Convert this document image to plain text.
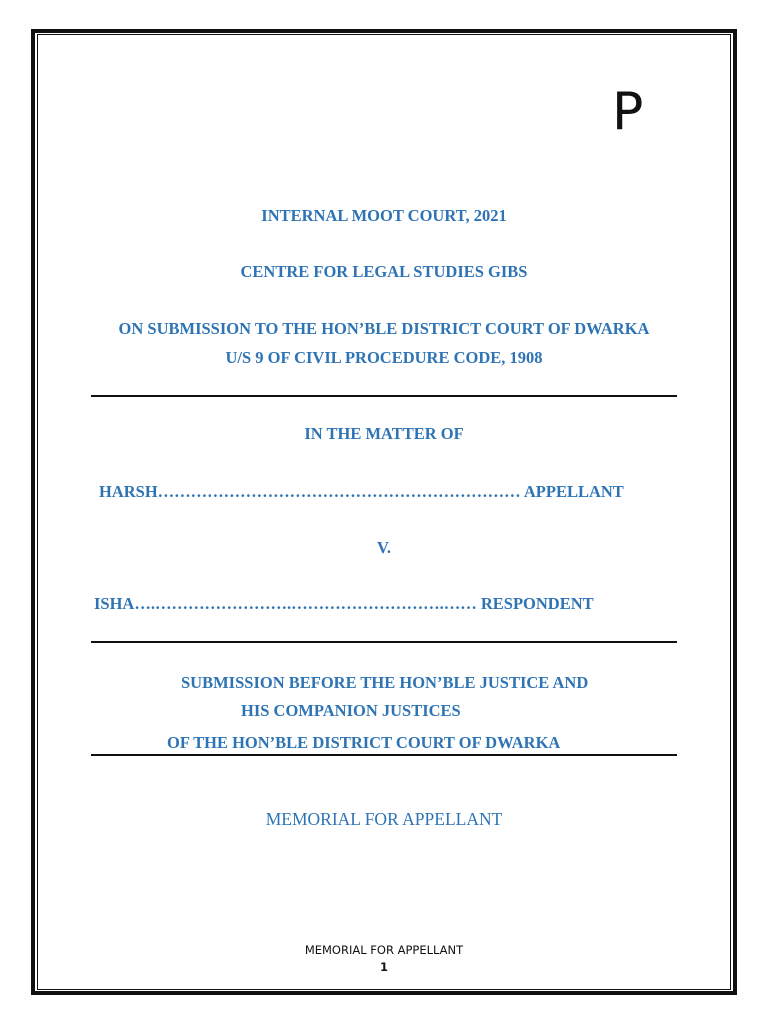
P
INTERNAL MOOT COURT, 2021
CENTRE FOR LEGAL STUDIES GIBS
ON SUBMISSION TO THE HON’BLE DISTRICT COURT OF DWARKA
U/S 9 OF CIVIL PROCEDURE CODE, 1908
IN THE MATTER OF
HARSH………………………………………………………… APPELLANT
V.
ISHA….…………………….……………………….…… RESPONDENT
SUBMISSION BEFORE THE HON’BLE JUSTICE AND
HIS COMPANION JUSTICES
OF THE HON’BLE DISTRICT COURT OF DWARKA
MEMORIAL FOR APPELLANT
MEMORIAL FOR APPELLANT
1
